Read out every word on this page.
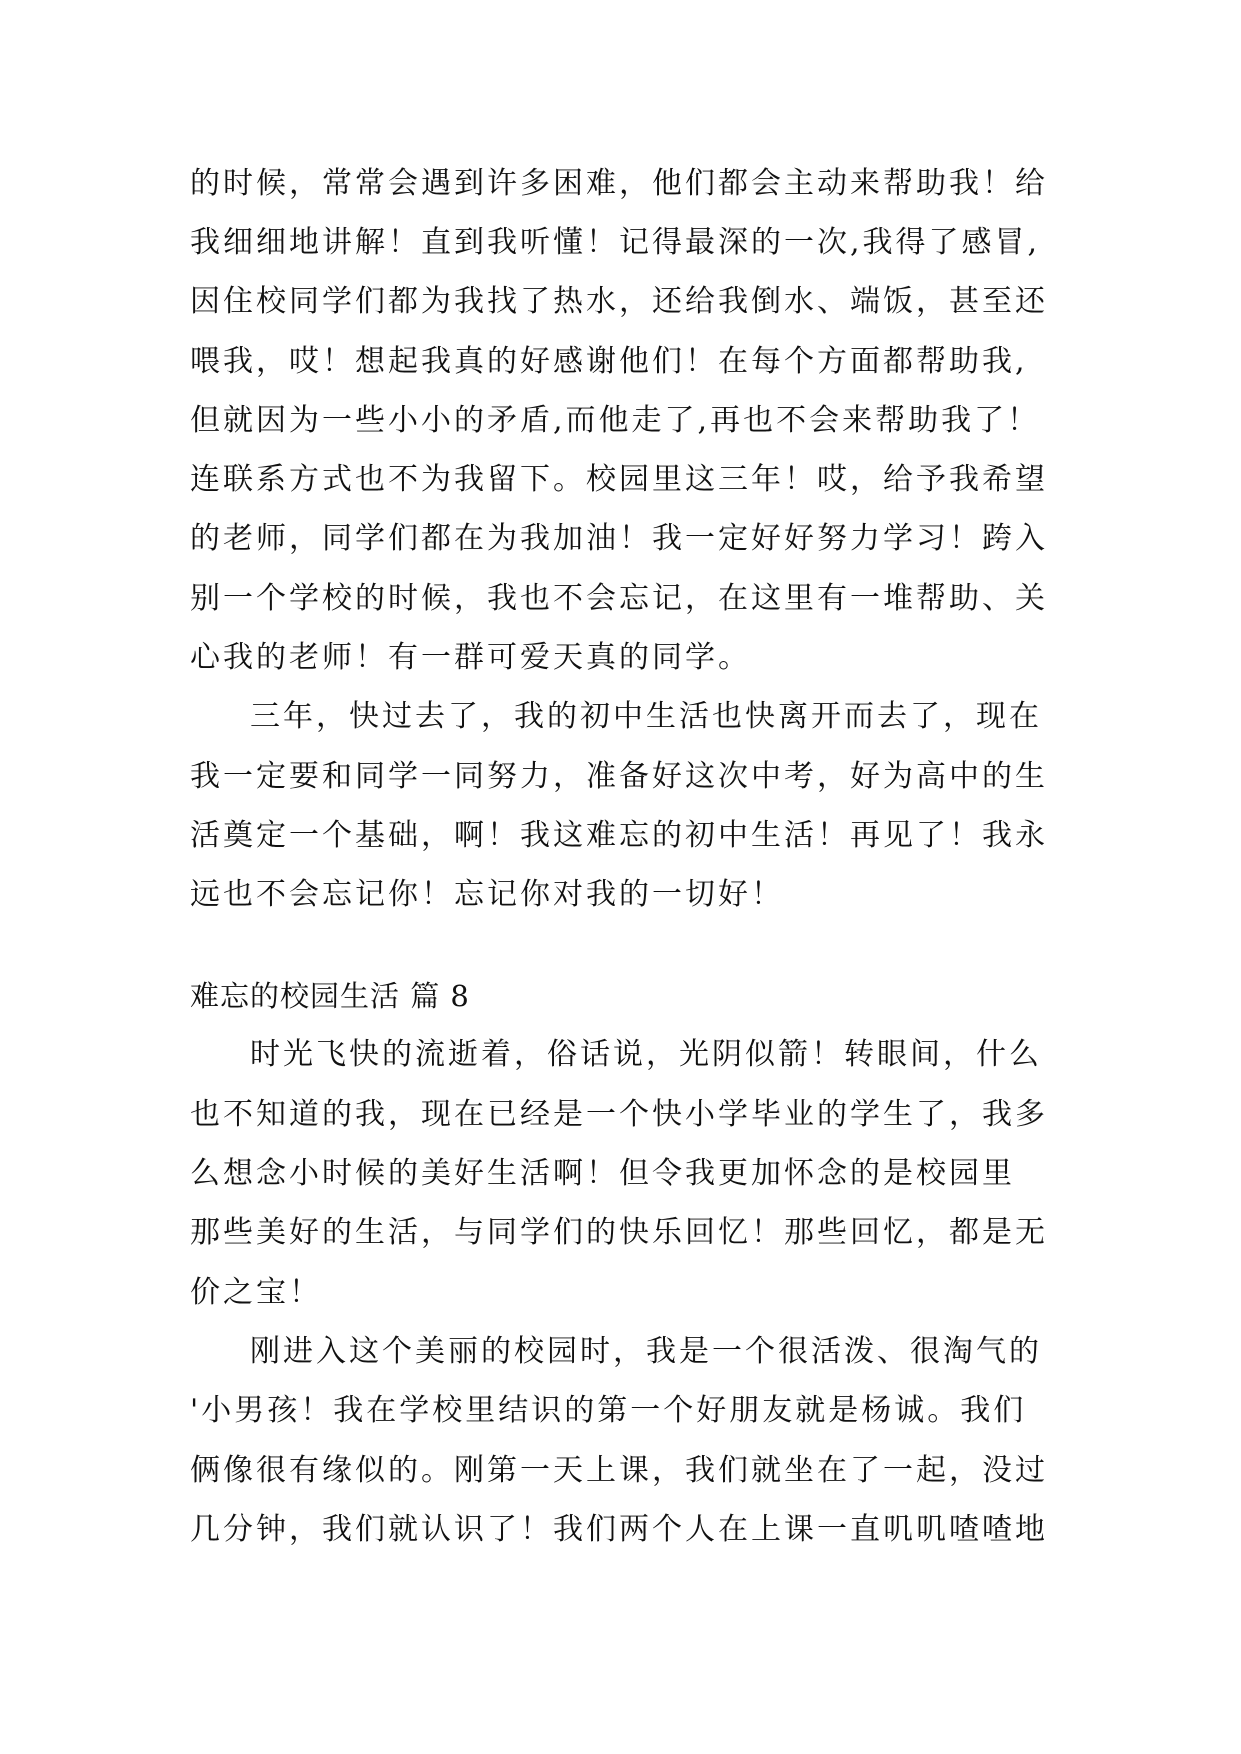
的时候，常常会遇到许多困难，他们都会主动来帮助我！给
我细细地讲解！直到我听懂！记得最深的一次,我得了感冒,
因住校同学们都为我找了热水，还给我倒水、端饭，甚至还
喂我，哎！想起我真的好感谢他们！在每个方面都帮助我,
但就因为一些小小的矛盾,而他走了,再也不会来帮助我了！
连联系方式也不为我留下。校园里这三年！哎，给予我希望
的老师，同学们都在为我加油！我一定好好努力学习！跨入
别一个学校的时候，我也不会忘记，在这里有一堆帮助、关
心我的老师！有一群可爱天真的同学。
三年，快过去了，我的初中生活也快离开而去了，现在
我一定要和同学一同努力，准备好这次中考，好为高中的生
活奠定一个基础，啊！我这难忘的初中生活！再见了！我永
远也不会忘记你！忘记你对我的一切好！
难忘的校园生活 篇 8
时光飞快的流逝着，俗话说，光阴似箭！转眼间，什么
也不知道的我，现在已经是一个快小学毕业的学生了，我多
么想念小时候的美好生活啊！但令我更加怀念的是校园里
那些美好的生活，与同学们的快乐回忆！那些回忆，都是无
价之宝！
刚进入这个美丽的校园时，我是一个很活泼、很淘气的
'小男孩！我在学校里结识的第一个好朋友就是杨诚。我们
俩像很有缘似的。刚第一天上课，我们就坐在了一起，没过
几分钟，我们就认识了！我们两个人在上课一直叽叽喳喳地
